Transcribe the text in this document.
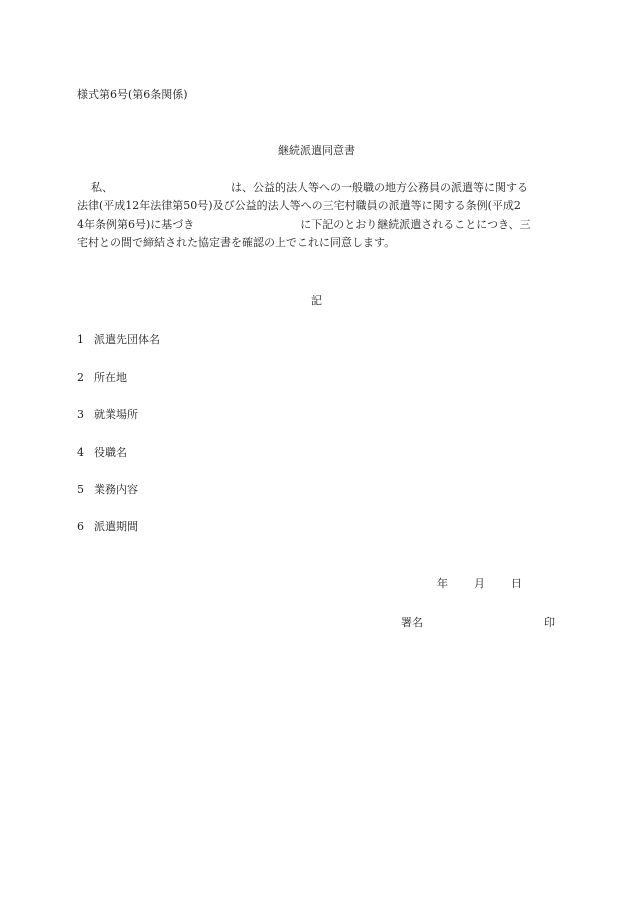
様式第6号(第6条関係)
継続派遣同意書
私、	は、公益的法人等への一般職の地方公務員の派遣等に関する
法律(平成12年法律第50号)及び公益的法人等への三宅村職員の派遣等に関する条例(平成2
4年条例第6号)に基づき	に下記のとおり継続派遣されることにつき、三
宅村との間で締結された協定書を確認の上でこれに同意します。
記
1 派遣先団体名
2 所在地
3 就業場所
4 役職名
5 業務内容
6 派遣期間
年 月 日
署名	印
